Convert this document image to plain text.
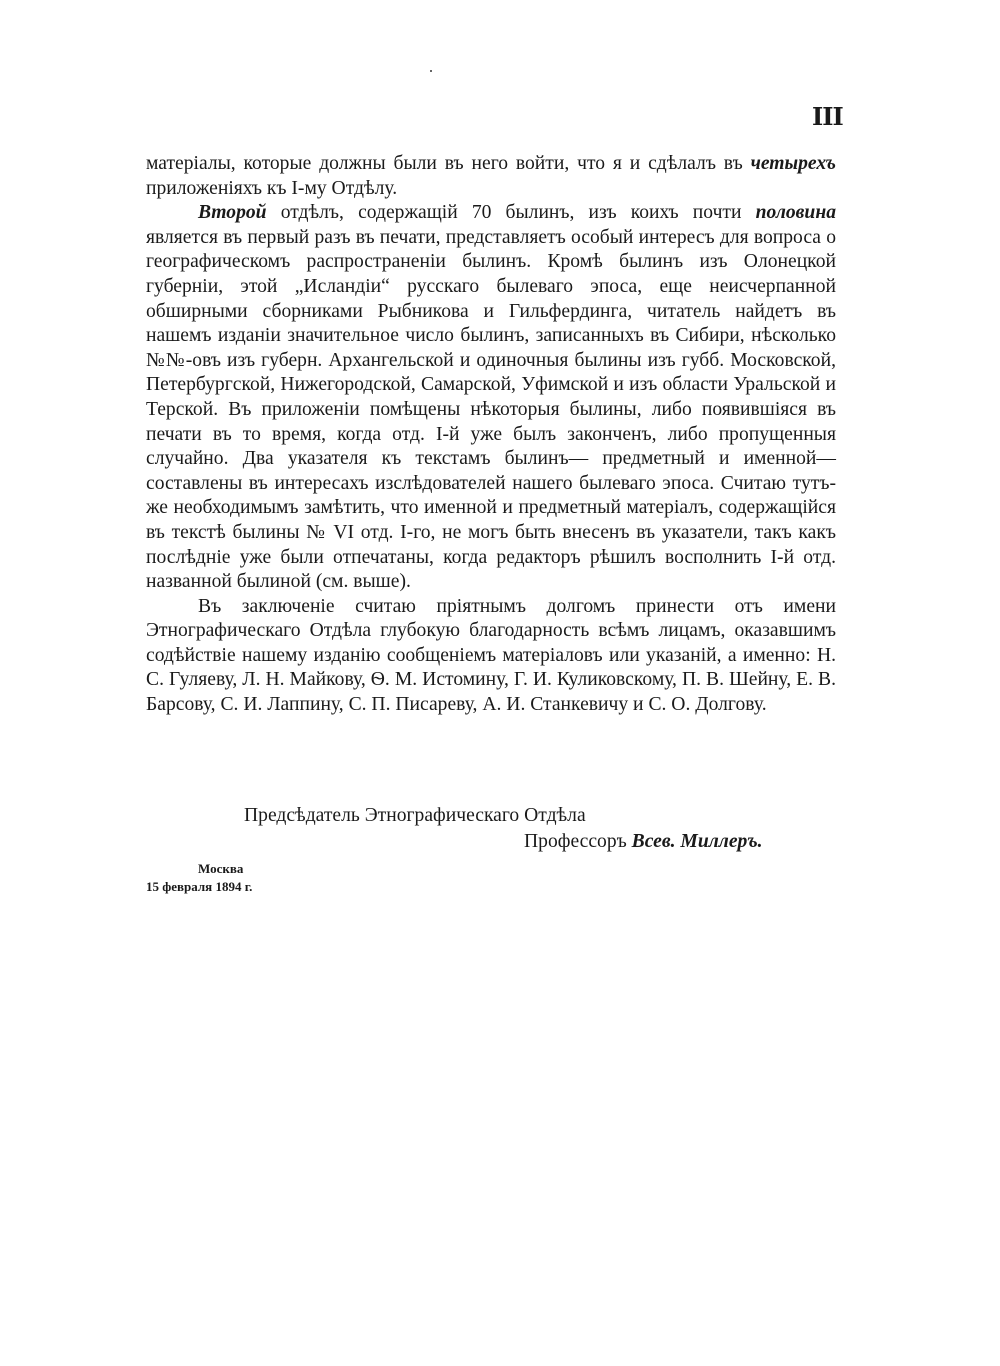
III

матеріалы, которые должны были въ него войти, что я и сдѣлалъ въ четырехъ приложеніяхъ къ I-му Отдѣлу.

Второй отдѣлъ, содержащій 70 былинъ, изъ коихъ почти половина является въ первый разъ въ печати, представляетъ особый интересъ для вопроса о географическомъ распространеніи былинъ. Кромѣ былинъ изъ Олонецкой губерніи, этой „Исландіи“ русскаго былеваго эпоса, еще неисчерпанной обширными сборниками Рыбникова и Гильфердинга, читатель найдетъ въ нашемъ изданіи значительное число былинъ, записанныхъ въ Сибири, нѣсколько №№-овъ изъ губерн. Архангельской и одиночныя былины изъ губб. Московской, Петербургской, Нижегородской, Самарской, Уфимской и изъ области Уральской и Терской. Въ приложеніи помѣщены нѣкоторыя былины, либо появившіяся въ печати въ то время, когда отд. I-й уже былъ законченъ, либо пропущенныя случайно. Два указателя къ текстамъ былинъ— предметный и именной—составлены въ интересахъ изслѣдователей нашего былеваго эпоса. Считаю тутъ-же необходимымъ замѣтить, что именной и предметный матеріалъ, содержащійся въ текстѣ былины № VI отд. I-го, не могъ быть внесенъ въ указатели, такъ какъ послѣдніе уже были отпечатаны, когда редакторъ рѣшилъ восполнить I-й отд. названной былиной (см. выше).

Въ заключеніе считаю пріятнымъ долгомъ принести отъ имени Этнографическаго Отдѣла глубокую благодарность всѣмъ лицамъ, оказавшимъ содѣйствіе нашему изданію сообщеніемъ матеріаловъ или указаній, а именно: Н. С. Гуляеву, Л. Н. Майкову, Ѳ. М. Истомину, Г. И. Куликовскому, П. В. Шейну, Е. В. Барсову, С. И. Лаппину, С. П. Писареву, А. И. Станкевичу и С. О. Долгову.

Предсѣдатель Этнографическаго Отдѣла
Профессоръ Всев. Миллеръ.
Москва
15 февраля 1894 г.
